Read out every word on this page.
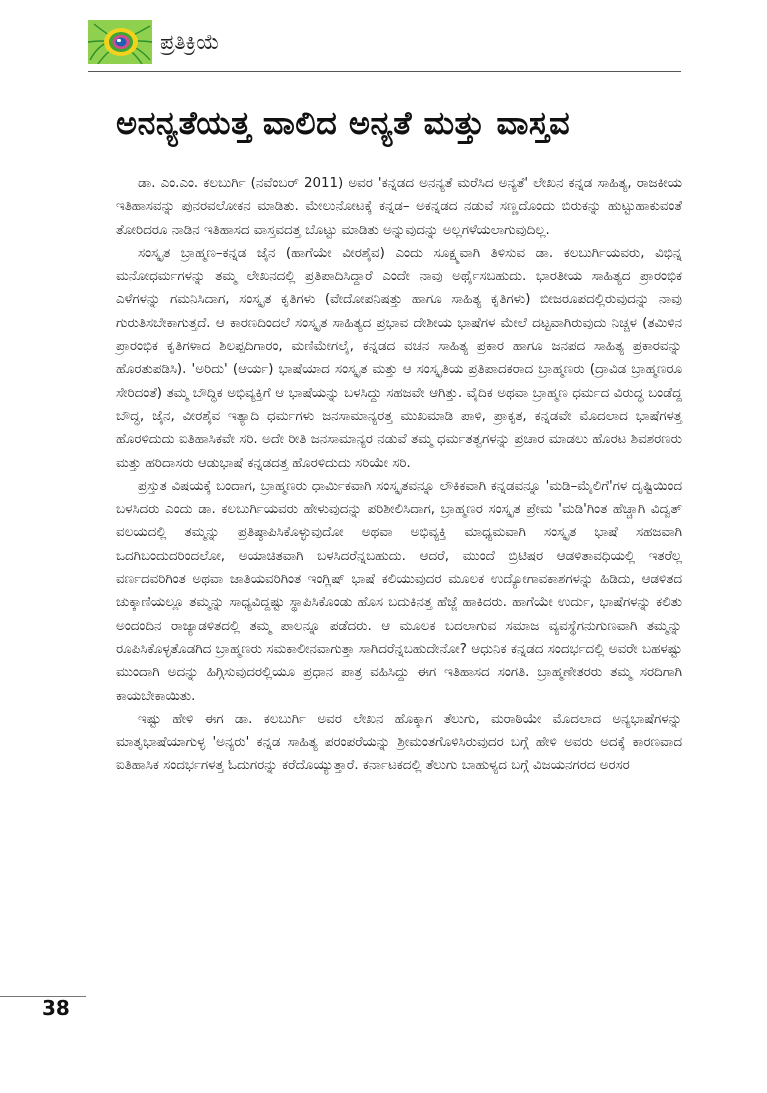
ಪ್ರತಿಕ್ರಿಯೆ
ಅನನ್ಯತೆಯತ್ತ ವಾಲಿದ ಅನ್ಯತೆ ಮತ್ತು ವಾಸ್ತವ

ಡಾ. ಎಂ.ಎಂ. ಕಲಬುರ್ಗಿ (ನವೆಂಬರ್ 2011) ಅವರ 'ಕನ್ನಡದ ಅನನ್ಯತೆ ಮರೆಸಿದ ಅನ್ಯತೆ' ಲೇಖನ ಕನ್ನಡ ಸಾಹಿತ್ಯ, ರಾಜಕೀಯ ಇತಿಹಾಸವನ್ನು ಪುನರವಲೋಕನ ಮಾಡಿತು. ಮೇಲುನೋಟಕ್ಕೆ ಕನ್ನಡ– ಅಕನ್ನಡದ ನಡುವೆ ಸಣ್ಣದೊಂದು ಬಿರುಕನ್ನು ಹುಟ್ಟುಹಾಕುವಂತೆ ತೋರಿದರೂ ನಾಡಿನ ಇತಿಹಾಸದ ವಾಸ್ತವದತ್ತ ಬೊಟ್ಟು ಮಾಡಿತು ಅನ್ನುವುದನ್ನು ಅಲ್ಲಗಳೆಯಲಾಗುವುದಿಲ್ಲ.

ಸಂಸ್ಕೃತ ಬ್ರಾಹ್ಮಣ–ಕನ್ನಡ ಜೈನ (ಹಾಗೆಯೇ ವೀರಶೈವ) ಎಂದು ಸೂಕ್ಷ್ಮವಾಗಿ ತಿಳಿಸುವ ಡಾ. ಕಲಬುರ್ಗಿಯವರು, ವಿಭಿನ್ನ ಮನೋಧರ್ಮಗಳನ್ನು ತಮ್ಮ ಲೇಖನದಲ್ಲಿ ಪ್ರತಿಪಾದಿಸಿದ್ದಾರೆ ಎಂದೇ ನಾವು ಅರ್ಥೈಸಬಹುದು. ಭಾರತೀಯ ಸಾಹಿತ್ಯದ ಪ್ರಾರಂಭಿಕ ಎಳೆಗಳನ್ನು ಗಮನಿಸಿದಾಗ, ಸಂಸ್ಕೃತ ಕೃತಿಗಳು (ವೇದೋಪನಿಷತ್ತು ಹಾಗೂ ಸಾಹಿತ್ಯ ಕೃತಿಗಳು) ಬೀಜರೂಪದಲ್ಲಿರುವುದನ್ನು ನಾವು ಗುರುತಿಸಬೇಕಾಗುತ್ತದೆ. ಆ ಕಾರಣದಿಂದಲೆ ಸಂಸ್ಕೃತ ಸಾಹಿತ್ಯದ ಪ್ರಭಾವ ದೇಶೀಯ ಭಾಷೆಗಳ ಮೇಲೆ ದಟ್ಟವಾಗಿರುವುದು ನಿಚ್ಚಳ (ತಮಿಳಿನ ಪ್ರಾರಂಭಿಕ ಕೃತಿಗಳಾದ ಶಿಲಪ್ಪದಿಗಾರಂ, ಮಣಿಮೇಗಲೈ, ಕನ್ನಡದ ವಚನ ಸಾಹಿತ್ಯ ಪ್ರಕಾರ ಹಾಗೂ ಜನಪದ ಸಾಹಿತ್ಯ ಪ್ರಕಾರವನ್ನು ಹೊರತುಪಡಿಸಿ). 'ಅರಿದು' (ಆರ್ಯ) ಭಾಷೆಯಾದ ಸಂಸ್ಕೃತ ಮತ್ತು ಆ ಸಂಸ್ಕೃತಿಯ ಪ್ರತಿಪಾದಕರಾದ ಬ್ರಾಹ್ಮಣರು (ದ್ರಾವಿಡ ಬ್ರಾಹ್ಮಣರೂ ಸೇರಿದಂತೆ) ತಮ್ಮ ಬೌದ್ಧಿಕ ಅಭಿವ್ಯಕ್ತಿಗೆ ಆ ಭಾಷೆಯನ್ನು ಬಳಸಿದ್ದು ಸಹಜವೇ ಆಗಿತ್ತು. ವೈದಿಕ ಅಥವಾ ಬ್ರಾಹ್ಮಣ ಧರ್ಮದ ವಿರುದ್ಧ ಬಂಡೆದ್ದ ಬೌದ್ಧ, ಜೈನ, ವೀರಶೈವ ಇತ್ಯಾದಿ ಧರ್ಮಗಳು ಜನಸಾಮಾನ್ಯರತ್ತ ಮುಖಮಾಡಿ ಪಾಳಿ, ಪ್ರಾಕೃತ, ಕನ್ನಡವೇ ಮೊದಲಾದ ಭಾಷೆಗಳತ್ತ ಹೊರಳಿದುದು ಐತಿಹಾಸಿಕವೇ ಸರಿ. ಅದೇ ರೀತಿ ಜನಸಾಮಾನ್ಯರ ನಡುವೆ ತಮ್ಮ ಧರ್ಮತತ್ವಗಳನ್ನು ಪ್ರಚಾರ ಮಾಡಲು ಹೊರಟ ಶಿವಶರಣರು ಮತ್ತು ಹರಿದಾಸರು ಆಡುಭಾಷೆ ಕನ್ನಡದತ್ತ ಹೊರಳಿದುದು ಸರಿಯೇ ಸರಿ.

ಪ್ರಸ್ತುತ ವಿಷಯಕ್ಕೆ ಬಂದಾಗ, ಬ್ರಾಹ್ಮಣರು ಧಾರ್ಮಿಕವಾಗಿ ಸಂಸ್ಕೃತವನ್ನೂ ಲೌಕಿಕವಾಗಿ ಕನ್ನಡವನ್ನೂ 'ಮಡಿ–ಮೈಲಿಗೆ'ಗಳ ದೃಷ್ಟಿಯಿಂದ ಬಳಸಿದರು ಎಂದು ಡಾ. ಕಲಬುರ್ಗಿಯವರು ಹೇಳುವುದನ್ನು ಪರಿಶೀಲಿಸಿದಾಗ, ಬ್ರಾಹ್ಮಣರ ಸಂಸ್ಕೃತ ಪ್ರೇಮ 'ಮಡಿ'ಗಿಂತ ಹೆಚ್ಚಾಗಿ ವಿದ್ವತ್ ವಲಯದಲ್ಲಿ ತಮ್ಮನ್ನು ಪ್ರತಿಷ್ಠಾಪಿಸಿಕೊಳ್ಳುವುದೋ ಅಥವಾ ಅಭಿವ್ಯಕ್ತಿ ಮಾಧ್ಯಮವಾಗಿ ಸಂಸ್ಕೃತ ಭಾಷೆ ಸಹಜವಾಗಿ ಒದಗಿಬಂದುದರಿಂದಲೋ, ಅಯಾಚಿತವಾಗಿ ಬಳಸಿದರೆನ್ನಬಹುದು. ಆದರೆ, ಮುಂದೆ ಬ್ರಿಟಿಷರ ಆಡಳಿತಾವಧಿಯಲ್ಲಿ ಇತರೆಲ್ಲ ವರ್ಣದವರಿಗಿಂತ ಅಥವಾ ಜಾತಿಯವರಿಗಿಂತ ಇಂಗ್ಲಿಷ್ ಭಾಷೆ ಕಲಿಯುವುದರ ಮೂಲಕ ಉದ್ಯೋಗಾವಕಾಶಗಳನ್ನು ಹಿಡಿದು, ಆಡಳಿತದ ಚುಕ್ಕಾಣಿಯಲ್ಲೂ ತಮ್ಮನ್ನು ಸಾಧ್ಯವಿದ್ದಷ್ಟು ಸ್ಥಾಪಿಸಿಕೊಂಡು ಹೊಸ ಬದುಕಿನತ್ತ ಹೆಜ್ಜೆ ಹಾಕಿದರು. ಹಾಗೆಯೇ ಉರ್ದು, ಭಾಷೆಗಳನ್ನು ಕಲಿತು ಅಂದಂದಿನ ರಾಜ್ಯಾಡಳಿತದಲ್ಲಿ ತಮ್ಮ ಪಾಲನ್ನೂ ಪಡೆದರು. ಆ ಮೂಲಕ ಬದಲಾಗುವ ಸಮಾಜ ವ್ಯವಸ್ಥೆಗನುಗುಣವಾಗಿ ತಮ್ಮನ್ನು ರೂಪಿಸಿಕೊಳ್ಳತೊಡಗಿದ ಬ್ರಾಹ್ಮಣರು ಸಮಕಾಲೀನವಾಗುತ್ತಾ ಸಾಗಿದರೆನ್ನಬಹುದೇನೋ? ಆಧುನಿಕ ಕನ್ನಡದ ಸಂದರ್ಭದಲ್ಲಿ ಅವರೇ ಬಹಳಷ್ಟು ಮುಂದಾಗಿ ಅದನ್ನು ಹಿಗ್ಗಿಸುವುದರಲ್ಲಿಯೂ ಪ್ರಧಾನ ಪಾತ್ರ ವಹಿಸಿದ್ದು ಈಗ ಇತಿಹಾಸದ ಸಂಗತಿ. ಬ್ರಾಹ್ಮಣೇತರರು ತಮ್ಮ ಸರದಿಗಾಗಿ ಕಾಯಬೇಕಾಯಿತು.

ಇಷ್ಟು ಹೇಳಿ ಈಗ ಡಾ. ಕಲಬುರ್ಗಿ ಅವರ ಲೇಖನ ಹೊಕ್ಕಾಗ ತೆಲುಗು, ಮರಾಠಿಯೇ ಮೊದಲಾದ ಅನ್ಯಭಾಷೆಗಳನ್ನು ಮಾತೃಭಾಷೆಯಾಗುಳ್ಳ 'ಅನ್ಯರು' ಕನ್ನಡ ಸಾಹಿತ್ಯ ಪರಂಪರೆಯನ್ನು ಶ್ರೀಮಂತಗೊಳಿಸಿರುವುದರ ಬಗ್ಗೆ ಹೇಳಿ ಅವರು ಅದಕ್ಕೆ ಕಾರಣವಾದ ಐತಿಹಾಸಿಕ ಸಂದರ್ಭಗಳತ್ತ ಓದುಗರನ್ನು ಕರೆದೊಯ್ಯುತ್ತಾರೆ. ಕರ್ನಾಟಕದಲ್ಲಿ ತೆಲುಗು ಬಾಹುಳ್ಯದ ಬಗ್ಗೆ ವಿಜಯನಗರದ ಅರಸರ

38
